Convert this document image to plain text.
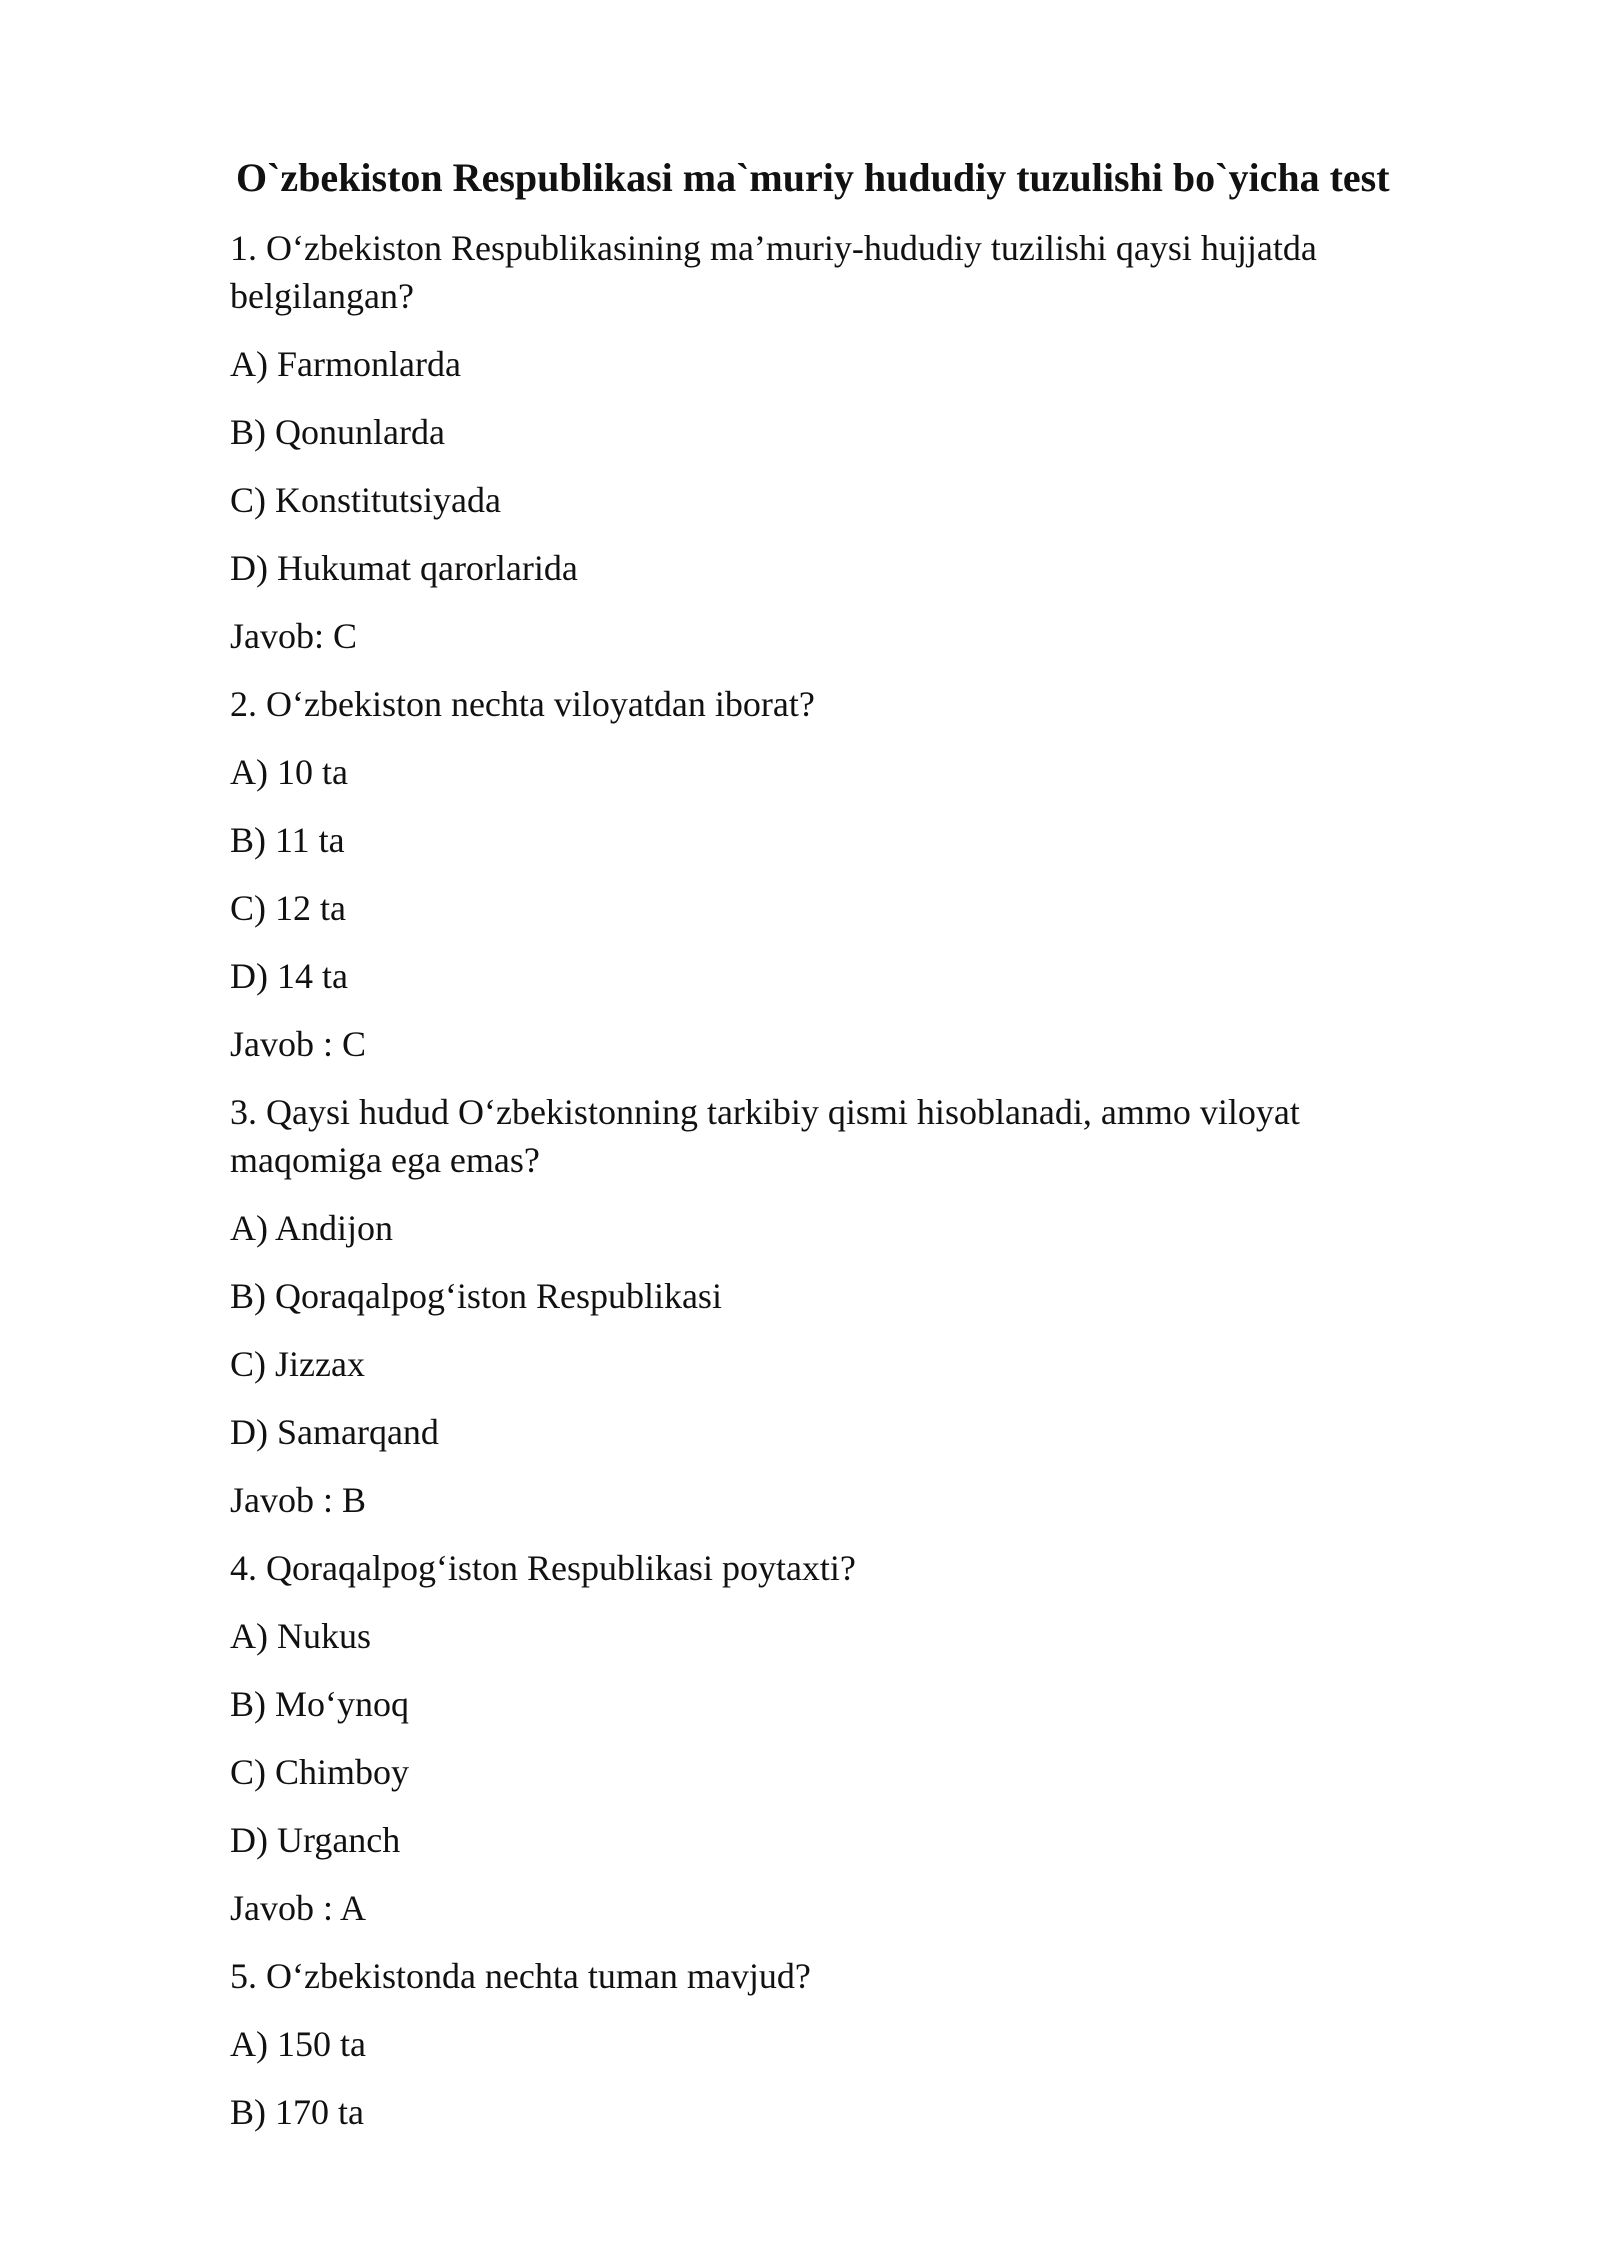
O`zbekiston Respublikasi ma`muriy hududiy tuzulishi bo`yicha test
1. O‘zbekiston Respublikasining ma’muriy-hududiy tuzilishi qaysi hujjatda belgilangan?
A) Farmonlarda
B) Qonunlarda
C) Konstitutsiyada
D) Hukumat qarorlarida
Javob: C
2. O‘zbekiston nechta viloyatdan iborat?
A) 10 ta
B) 11 ta
C) 12 ta
D) 14 ta
Javob : C
3. Qaysi hudud O‘zbekistonning tarkibiy qismi hisoblanadi, ammo viloyat maqomiga ega emas?
A) Andijon
B) Qoraqalpog‘iston Respublikasi
C) Jizzax
D) Samarqand
Javob : B
4. Qoraqalpog‘iston Respublikasi poytaxti?
A) Nukus
B) Mo‘ynoq
C) Chimboy
D) Urganch
Javob : A
5. O‘zbekistonda nechta tuman mavjud?
A) 150 ta
B) 170 ta
